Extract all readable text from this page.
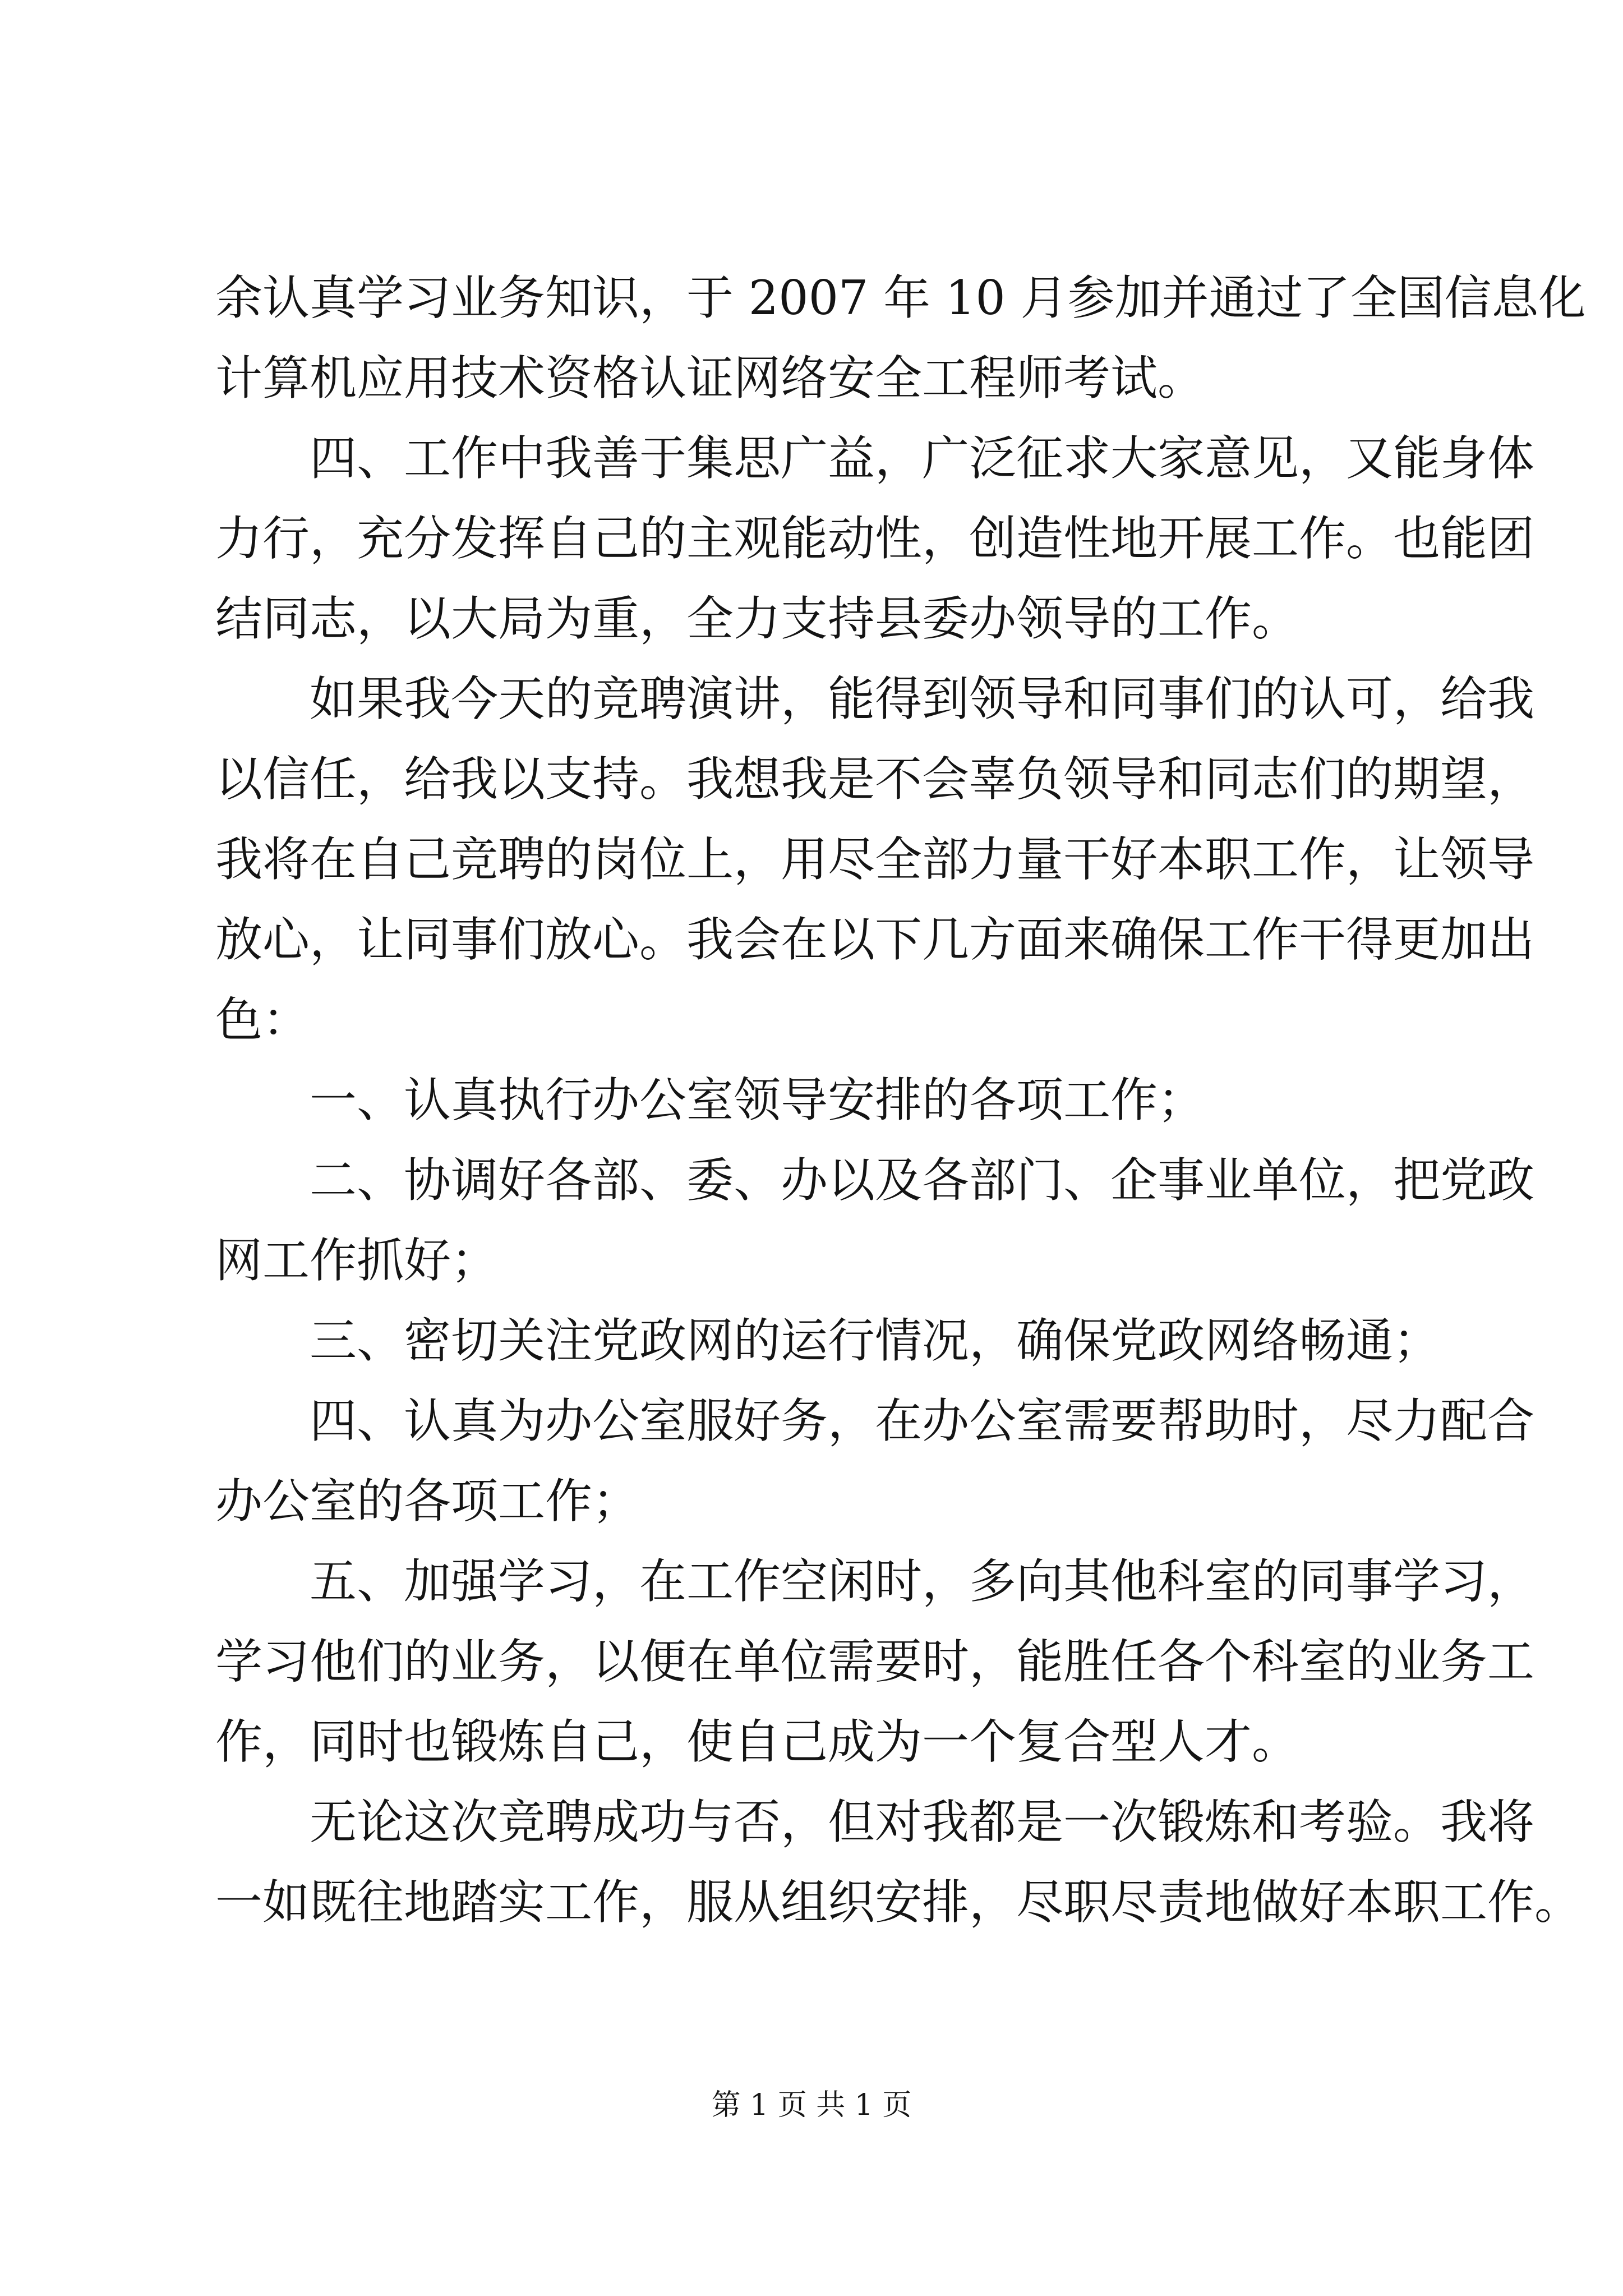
余认真学习业务知识，于 2007 年 10 月参加并通过了全国信息化
计算机应用技术资格认证网络安全工程师考试。
四、工作中我善于集思广益，广泛征求大家意见，又能身体
力行，充分发挥自己的主观能动性，创造性地开展工作。也能团
结同志，以大局为重，全力支持县委办领导的工作。
如果我今天的竞聘演讲，能得到领导和同事们的认可，给我
以信任，给我以支持。我想我是不会辜负领导和同志们的期望，
我将在自己竞聘的岗位上，用尽全部力量干好本职工作，让领导
放心，让同事们放心。我会在以下几方面来确保工作干得更加出
色：
一、认真执行办公室领导安排的各项工作；
二、协调好各部、委、办以及各部门、企事业单位，把党政
网工作抓好；
三、密切关注党政网的运行情况，确保党政网络畅通；
四、认真为办公室服好务，在办公室需要帮助时，尽力配合
办公室的各项工作；
五、加强学习，在工作空闲时，多向其他科室的同事学习，
学习他们的业务，以便在单位需要时，能胜任各个科室的业务工
作，同时也锻炼自己，使自己成为一个复合型人才。
无论这次竞聘成功与否，但对我都是一次锻炼和考验。我将
一如既往地踏实工作，服从组织安排，尽职尽责地做好本职工作。
第 1 页 共 1 页
